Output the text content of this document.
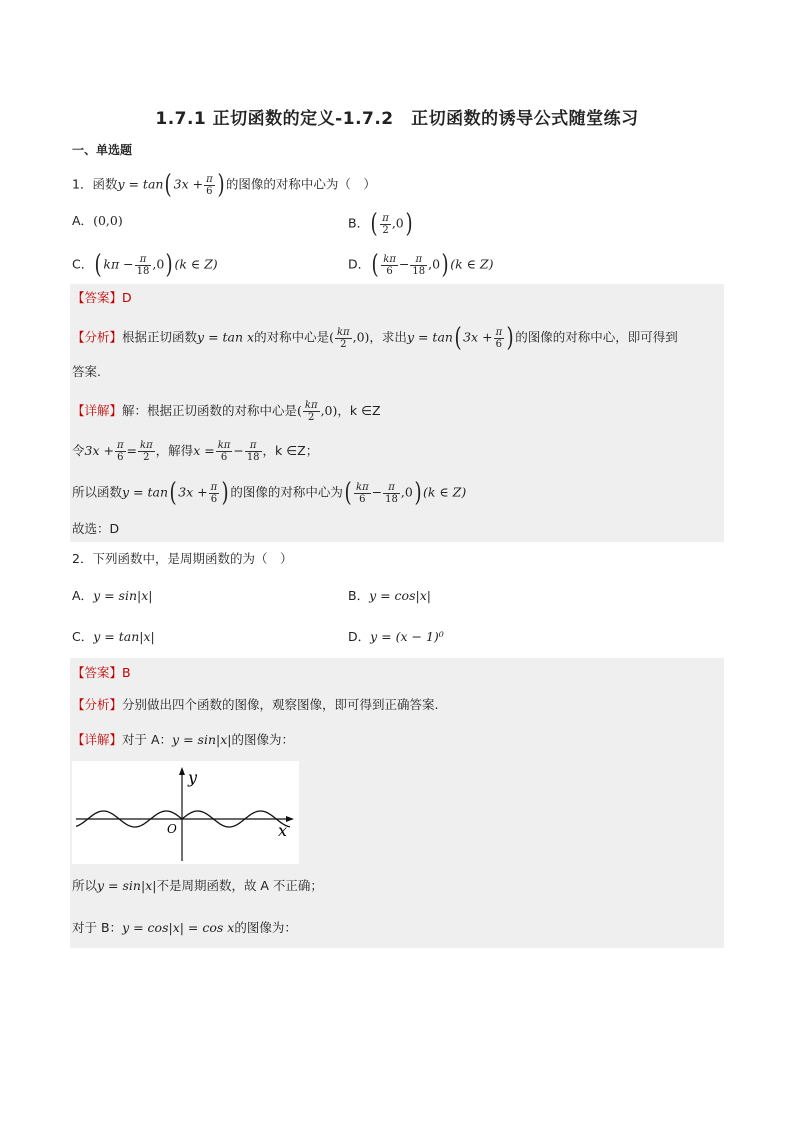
1.7.1 正切函数的定义-1.7.2　正切函数的诱导公式随堂练习
一、单选题
1．函数y = tan( $3x + \frac{\pi}{6}$ ) 的图像的对称中心为（　）
A．(0,0)	B．( $\frac{\pi}{2} ,0$)
C．( $k\pi - \frac{\pi}{18} ,0$) (k ∈ Z)	D．( $\frac{k\pi}{6} - \frac{\pi}{18} ,0$) (k ∈ Z)
【答案】D
【分析】根据正切函数y = tan x的对称中心是( $\frac{k\pi}{2} ,0$)，求出y = tan( $3x + \frac{\pi}{6}$ ) 的图像的对称中心，即可得到
答案.
【详解】解：根据正切函数的对称中心是( $\frac{k\pi}{2} ,0$)，k ∈Z
令$3x + \frac{\pi}{6} = \frac{k\pi}{2}$ ，解得$x = \frac{k\pi}{6} - \frac{\pi}{18}$ ，k ∈Z；
所以函数y = tan( $3x + \frac{\pi}{6}$ ) 的图像的对称中心为( $\frac{k\pi}{6} - \frac{\pi}{18} ,0$) (k ∈ Z)
故选：D
2．下列函数中，是周期函数的为（　）
A．y = sin|x|	B．y = cos|x|
C．y = tan|x|	D．y = (x − 1)⁰
【答案】B
【分析】分别做出四个函数的图像，观察图像，即可得到正确答案.
【详解】对于 A：y = sin|x|的图像为：
y
x
O
所以y = sin|x|不是周期函数，故 A 不正确；
对于 B：y = cos|x| = cos x的图像为：
